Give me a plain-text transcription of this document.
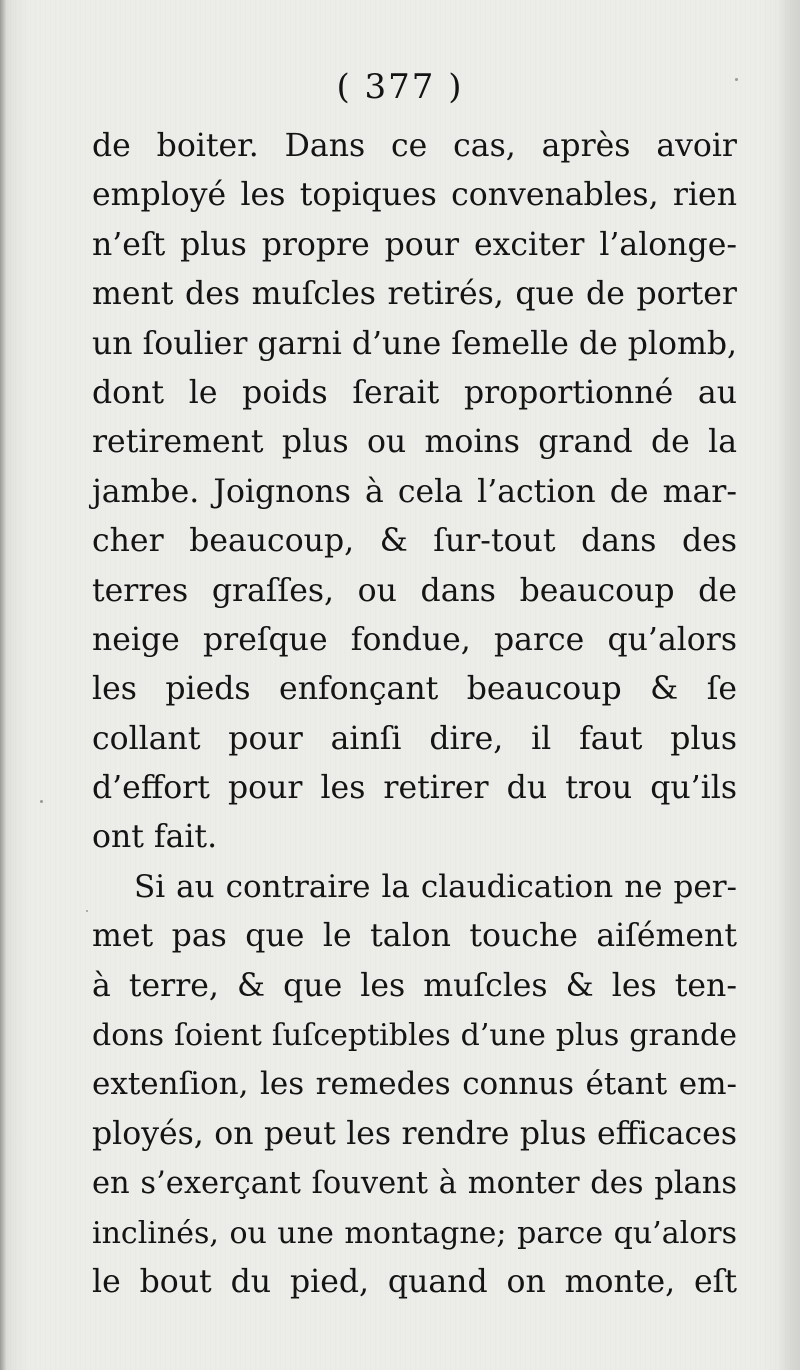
( 377 )
de boiter. Dans ce cas, après avoir
employé les topiques convenables, rien
n’eſt plus propre pour exciter l’alonge-
ment des muſcles retirés, que de porter
un ſoulier garni d’une ſemelle de plomb,
dont le poids ſerait proportionné au
retirement plus ou moins grand de la
jambe. Joignons à cela l’action de mar-
cher beaucoup, & ſur-tout dans des
terres graſſes, ou dans beaucoup de
neige preſque fondue, parce qu’alors
les pieds enfonçant beaucoup & ſe
collant pour ainſi dire, il faut plus
d’effort pour les retirer du trou qu’ils
ont fait.
Si au contraire la claudication ne per-
met pas que le talon touche aiſément
à terre, & que les muſcles & les ten-
dons ſoient ſuſceptibles d’une plus grande
extenſion, les remedes connus étant em-
ployés, on peut les rendre plus efficaces
en s’exerçant ſouvent à monter des plans
inclinés, ou une montagne; parce qu’alors
le bout du pied, quand on monte, eſt
